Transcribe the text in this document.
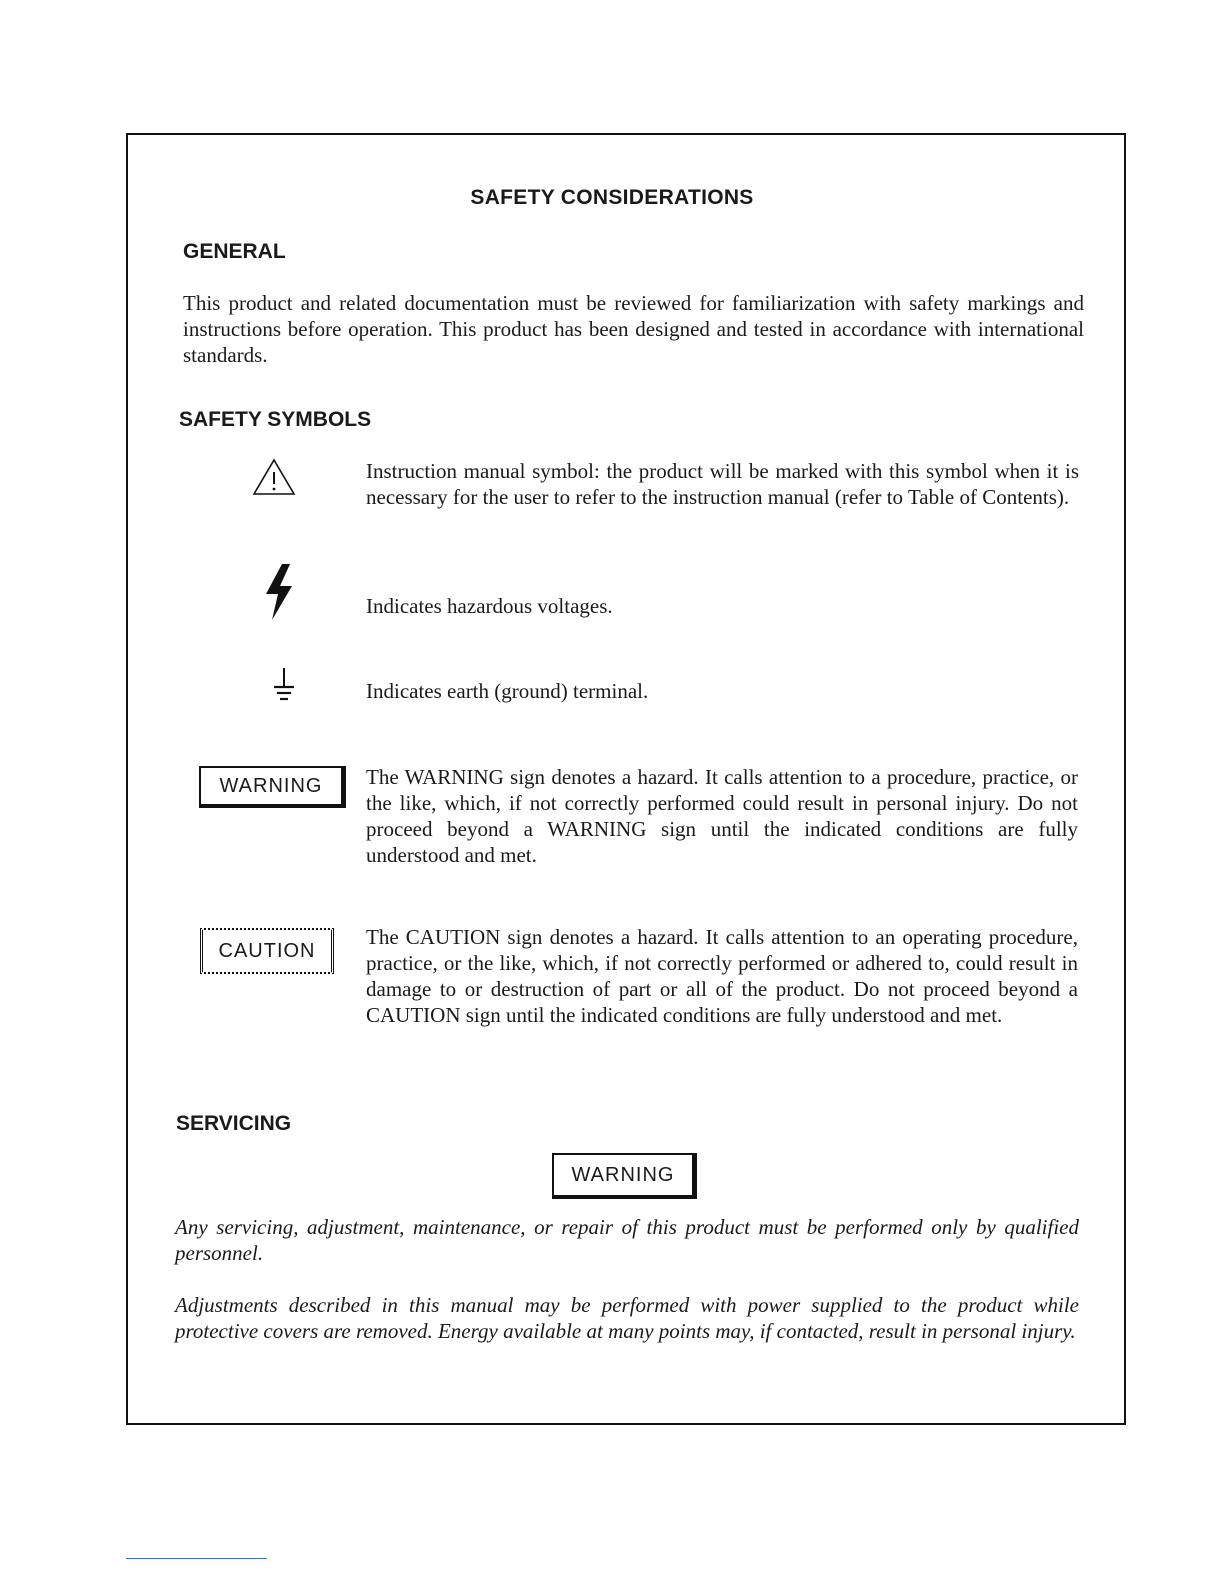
SAFETY CONSIDERATIONS
GENERAL
This product and related documentation must be reviewed for familiarization with safety markings and instructions before operation. This product has been designed and tested in accordance with international standards.
SAFETY SYMBOLS
Instruction manual symbol: the product will be marked with this symbol when it is necessary for the user to refer to the instruction manual (refer to Table of Contents).
Indicates hazardous voltages.
Indicates earth (ground) terminal.
WARNING	The WARNING sign denotes a hazard. It calls attention to a procedure, practice, or the like, which, if not correctly performed could result in personal injury. Do not proceed beyond a WARNING sign until the indicated conditions are fully understood and met.
CAUTION
The CAUTION sign denotes a hazard. It calls attention to an operating procedure, practice, or the like, which, if not correctly performed or adhered to, could result in damage to or destruction of part or all of the product. Do not proceed beyond a CAUTION sign until the indicated conditions are fully understood and met.
SERVICING
WARNING
Any servicing, adjustment, maintenance, or repair of this product must be performed only by qualified personnel.
Adjustments described in this manual may be performed with power supplied to the product while protective covers are removed. Energy available at many points may, if contacted, result in personal injury.
